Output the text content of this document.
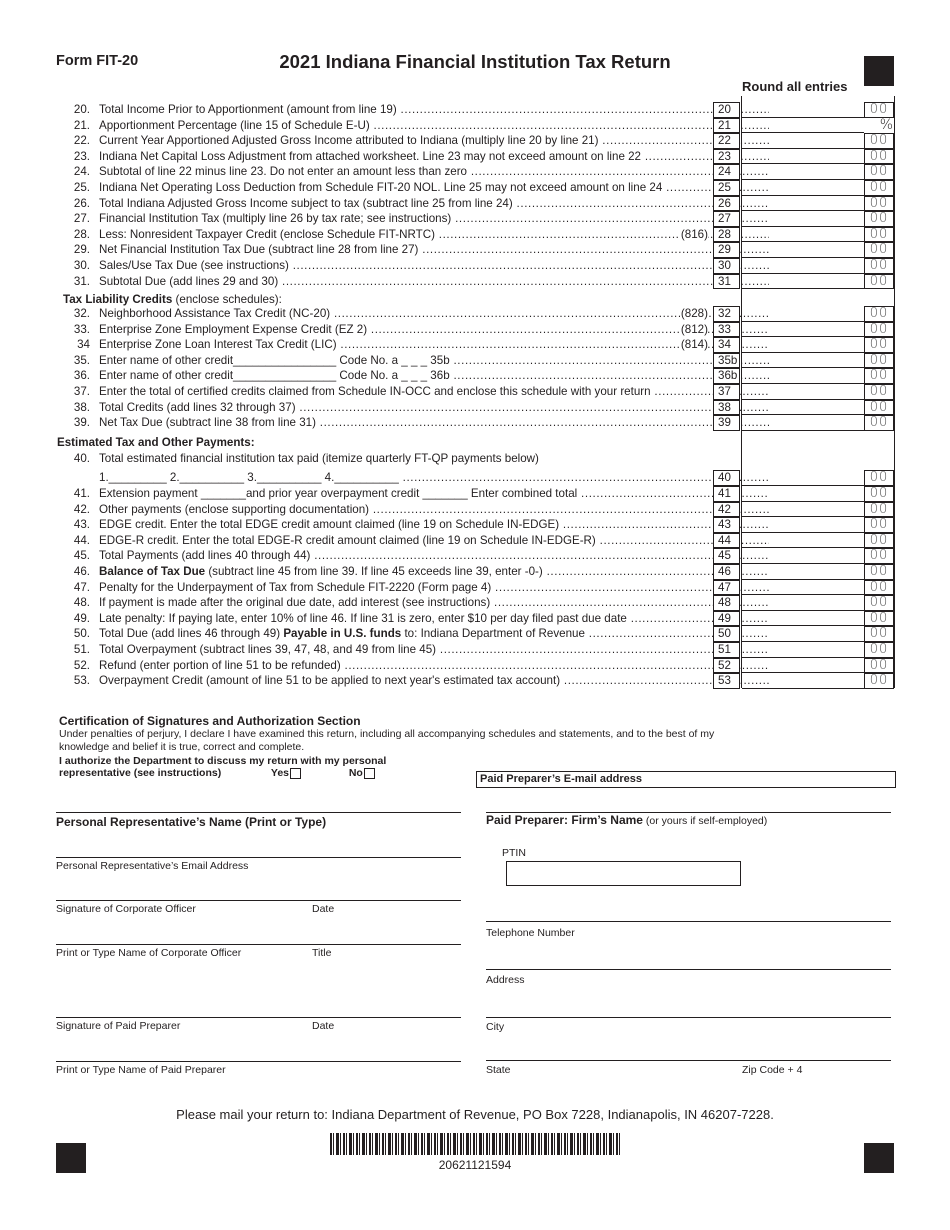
Form FIT-20	2021 Indiana Financial Institution Tax Return
Round all entries
20. Total Income Prior to Apportionment (amount from line 19) .....	20	00
21. Apportionment Percentage (line 15 of Schedule E-U) .....	21	%
22. Current Year Apportioned Adjusted Gross Income attributed to Indiana (multiply line 20 by line 21) .....	22	00
23. Indiana Net Capital Loss Adjustment from attached worksheet. Line 23 may not exceed amount on line 22 .....	23	00
24. Subtotal of line 22 minus line 23. Do not enter an amount less than zero .....	24	00
25. Indiana Net Operating Loss Deduction from Schedule FIT-20 NOL. Line 25 may not exceed amount on line 24 .....	25	00
26. Total Indiana Adjusted Gross Income subject to tax (subtract line 25 from line 24) .....	26	00
27. Financial Institution Tax (multiply line 26 by tax rate; see instructions) .....	27	00
28. Less: Nonresident Taxpayer Credit (enclose Schedule FIT-NRTC) .....	(816) 28	00
29. Net Financial Institution Tax Due (subtract line 28 from line 27) .....	29	00
30. Sales/Use Tax Due (see instructions) .....	30	00
31. Subtotal Due (add lines 29 and 30) .....	31	00
Tax Liability Credits (enclose schedules):
32. Neighborhood Assistance Tax Credit (NC-20) .....	(828) 32	00
33. Enterprise Zone Employment Expense Credit (EZ 2) .....	(812) 33	00
34 Enterprise Zone Loan Interest Tax Credit (LIC) .....	(814) 34	00
35. Enter name of other credit________________ Code No. a _ _ _ 35b .....	35b	00
36. Enter name of other credit________________ Code No. a _ _ _ 36b .....	36b	00
37. Enter the total of certified credits claimed from Schedule IN-OCC and enclose this schedule with your return .....	37	00
38. Total Credits (add lines 32 through 37) .....	38	00
39. Net Tax Due (subtract line 38 from line 31) .....	39	00
Estimated Tax and Other Payments:
40. Total estimated financial institution tax paid (itemize quarterly FT-QP payments below)
1._________ 2.__________ 3.__________ 4.__________ .....	40	00
41. Extension payment _______and prior year overpayment credit _______ Enter combined total .....	41	00
42. Other payments (enclose supporting documentation) .....	42	00
43. EDGE credit. Enter the total EDGE credit amount claimed (line 19 on Schedule IN-EDGE) .....	43	00
44. EDGE-R credit. Enter the total EDGE-R credit amount claimed (line 19 on Schedule IN-EDGE-R) .....	44	00
45. Total Payments (add lines 40 through 44) .....	45	00
46. Balance of Tax Due (subtract line 45 from line 39. If line 45 exceeds line 39, enter -0-) .....	46	00
47. Penalty for the Underpayment of Tax from Schedule FIT-2220 (Form page 4) .....	47	00
48. If payment is made after the original due date, add interest (see instructions) .....	48	00
49. Late penalty: If paying late, enter 10% of line 46. If line 31 is zero, enter $10 per day filed past due date .....	49	00
50. Total Due (add lines 46 through 49) Payable in U.S. funds to: Indiana Department of Revenue .....	50	00
51. Total Overpayment (subtract lines 39, 47, 48, and 49 from line 45) .....	51	00
52. Refund (enter portion of line 51 to be refunded) .....	52	00
53. Overpayment Credit (amount of line 51 to be applied to next year's estimated tax account) .....	53	00
Certification of Signatures and Authorization Section
Under penalties of perjury, I declare I have examined this return, including all accompanying schedules and statements, and to the best of my knowledge and belief it is true, correct and complete.
I authorize the Department to discuss my return with my personal
representative (see instructions)	Yes	No
Personal Representative’s Name (Print or Type)
Personal Representative’s Email Address
Signature of Corporate Officer	Date
Print or Type Name of Corporate Officer	Title
Signature of Paid Preparer	Date
Print or Type Name of Paid Preparer
Paid Preparer’s E-mail address
Paid Preparer: Firm’s Name (or yours if self-employed)
PTIN
Telephone Number
Address
City
State	Zip Code + 4
Please mail your return to: Indiana Department of Revenue, PO Box 7228, Indianapolis, IN 46207-7228.
20621121594
